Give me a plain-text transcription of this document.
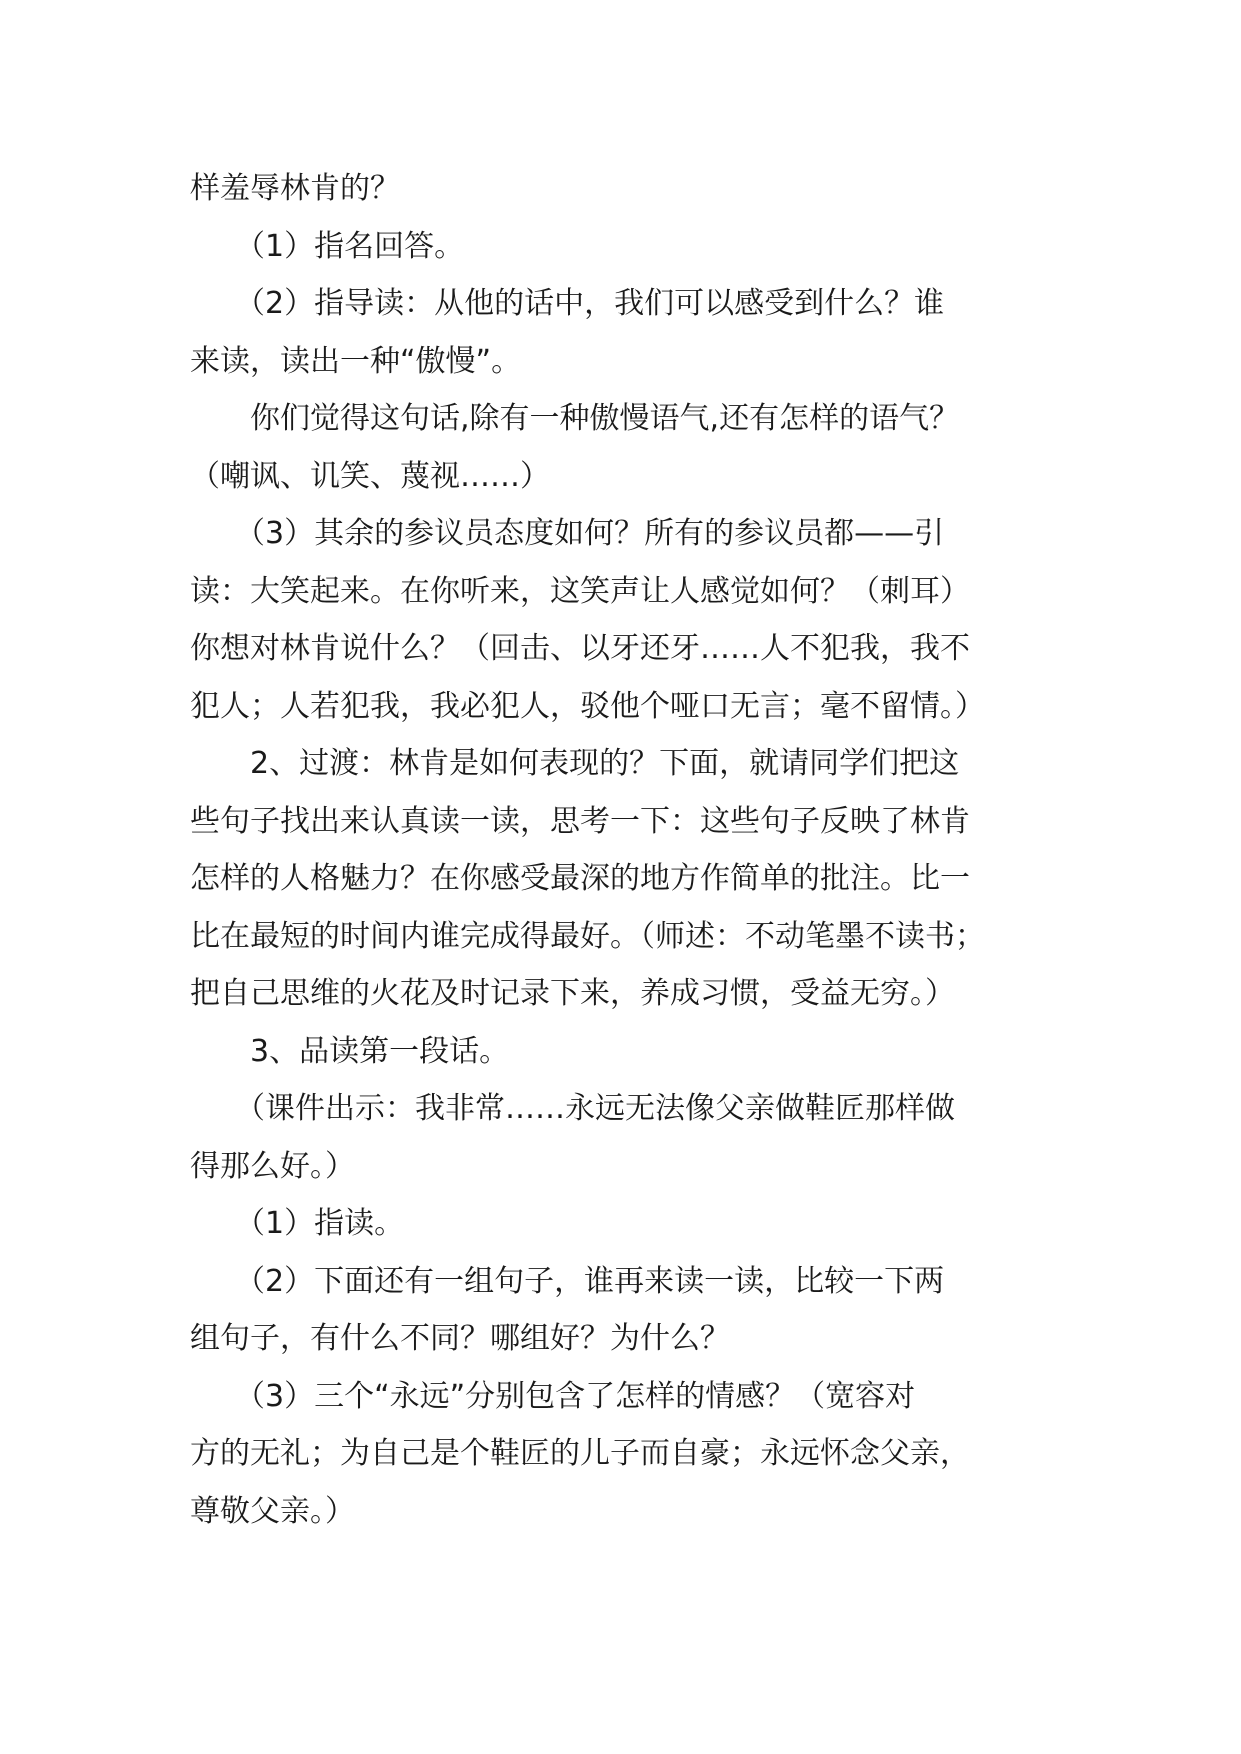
样羞辱林肯的？
　　（1）指名回答。
　　（2）指导读：从他的话中，我们可以感受到什么？谁
来读，读出一种“傲慢”。
　　你们觉得这句话,除有一种傲慢语气,还有怎样的语气？
（嘲讽、讥笑、蔑视……）
　　（3）其余的参议员态度如何？所有的参议员都——引
读：大笑起来。在你听来，这笑声让人感觉如何？（刺耳）
你想对林肯说什么？（回击、以牙还牙……人不犯我，我不
犯人；人若犯我，我必犯人，驳他个哑口无言；毫不留情。）
　　2、过渡：林肯是如何表现的？下面，就请同学们把这
些句子找出来认真读一读，思考一下：这些句子反映了林肯
怎样的人格魅力？在你感受最深的地方作简单的批注。比一
比在最短的时间内谁完成得最好。（师述：不动笔墨不读书；
把自己思维的火花及时记录下来，养成习惯，受益无穷。）
　　3、品读第一段话。
　　（课件出示：我非常……永远无法像父亲做鞋匠那样做
得那么好。）
　　（1）指读。
　　（2）下面还有一组句子，谁再来读一读，比较一下两
组句子，有什么不同？哪组好？为什么？
　　（3）三个“永远”分别包含了怎样的情感？（宽容对
方的无礼；为自己是个鞋匠的儿子而自豪；永远怀念父亲，
尊敬父亲。）
